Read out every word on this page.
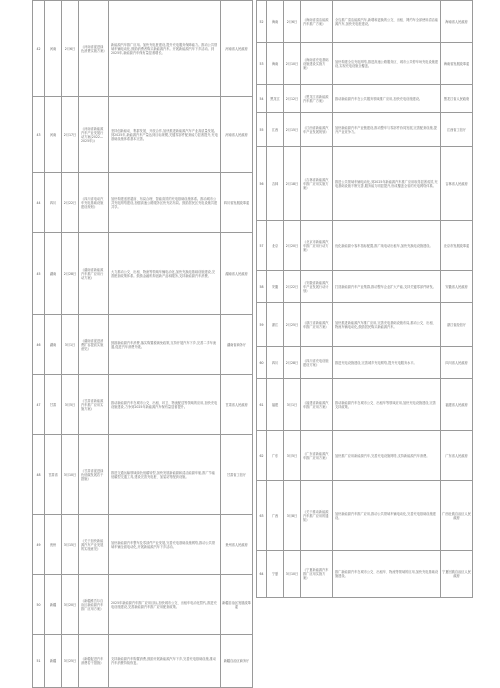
42	河南	2月6日	《河南省促进绿色消费实施方案》	新能源汽车推广应用。加快充电桩建设,提升充电服务保障能力。推动公共领域车辆电动化,鼓励消费者购买新能源汽车。开展新能源汽车下乡活动。到2025年,新能源汽车保有量显著增长。	河南省人民政府
43	河南	2月17日	《河南省新能源汽车产业发展行动方案(2022—2025年)》	坚持创新驱动、集群发展、开放合作,加快推进新能源汽车产业高质量发展。到2025年,新能源汽车产量达到目标规模,关键零部件配套能力显著提升,充电基础设施体系基本完善。	河南省人民政府
44	四川	2月22日	《四川省电动汽车充电基础设施建设规划》	加快构建适度超前、布局合理、智能高效的充电基础设施体系。推动城市公共充电网络建设,加强高速公路服务区快充站布局。鼓励居民区充电设施共建共享。	四川省发展改革委
45	湖南	2月28日	《湖南省新能源汽车推广应用行动方案》	大力推动公交、出租、物流等领域车辆电动化,加快充换电基础设施建设,完善配套政策体系。鼓励金融机构创新产品和服务,支持新能源汽车消费。	湖南省人民政府
46	湖南	3月1日	《湖南省促进消费扩容提质实施意见》	鼓励新能源汽车消费,落实购置税减免政策,支持开展汽车下乡,完善二手车流通,促进汽车消费升级。	湖南省商务厅
47	甘肃	3月5日	《甘肃省新能源汽车推广应用实施方案》	推动新能源汽车在城市公交、出租、环卫、物流配送等领域的应用,加快充电设施建设,力争到2025年新能源汽车保有量显著提升。	甘肃省人民政府
48	甘肃省	3月10日	《甘肃省促进绿色低碳发展若干措施》	推进交通运输领域绿色低碳转型,加快发展新能源和清洁能源车船,推广节能低碳型交通工具,建设完善充电桩、加氢站等配套设施。	甘肃省工信厅
49	贵州	3月15日	《关于加快新能源汽车产业发展的实施意见》	加快新能源汽车整车及零部件产业发展,完善充电基础设施网络,推动公共领域车辆全面电动化,开展新能源汽车下乡活动。	贵州省人民政府
50	新疆	3月20日	《新疆维吾尔自治区新能源汽车推广应用方案》	2025年新能源汽车推广应用目标,加快城市公交、出租车电动化替代,推进充电设施建设,完善新能源汽车推广应用配套政策。	新疆自治区发展改革委
51	新疆	3月25日	《新疆促进汽车消费若干措施》	支持新能源汽车购置消费,鼓励开展新能源汽车下乡,完善充电基础设施,推动汽车消费持续恢复。	新疆自治区商务厅
52	海南	2月6日	《海南省清洁能源汽车推广方案》	全岛推广清洁能源汽车,新增和更换的公交、出租、网约车全部使用清洁能源汽车,加快充电桩建设。	海南省人民政府
53	海南	2月10日	《海南省充电基础设施建设实施方案》	加快构建全岛充电网络,推进高速公路服务区、城市公共停车场充电设施建设,实现充电设施全覆盖。	海南省发展改革委
54	黑龙江	2月12日	《黑龙江省新能源汽车推广方案》	推动新能源汽车在公共服务领域推广应用,加快充电设施建设。	黑龙江省人民政府
55	江西	2月15日	《江西省新能源汽车产业发展规划》	加快新能源汽车产业链建设,推动整车与零部件协同发展,完善配套设施,提升产业竞争力。	江西省工信厅
56	吉林	2月18日	《吉林省新能源汽车推广应用实施方案》	推进公共领域车辆电动化,到2025年新能源汽车推广应用取得显著成效,充电基础设施不断完善,服务能力明显提升,形成覆盖全省的充电网络体系。	吉林省人民政府
57	北京	2月20日	《北京市新能源汽车推广应用行动方案》	优化新能源小客车指标配置,推广纯电动出租车,加快充换电设施建设。	北京市发展改革委
58	安徽	2月22日	《安徽省新能源汽车产业发展行动计划》	打造新能源汽车产业集群,推动整车企业扩大产能,支持关键零部件研发。	安徽省人民政府
59	浙江	2月25日	《浙江省新能源汽车推广应用方案》	加快推进新能源汽车推广应用,完善充电基础设施布局,推动公交、出租、物流车辆电动化,鼓励居民购买新能源汽车。	浙江省经信厅
60	四川	2月28日	《四川省充电设施建设方案》	推进充电设施建设,完善城乡充电网络,提升充电服务水平。	四川省人民政府
61	福建	3月1日	《福建省新能源汽车推广应用方案》	推动新能源汽车在城市公交、出租车等领域应用,加快充电设施建设,完善支持政策。	福建省人民政府
62	广东	3月5日	《广东省新能源汽车推广应用方案》	加快推广应用新能源汽车,完善充电设施网络,支持新能源汽车消费。	广东省人民政府
63	广西	3月8日	《关于推动新能源汽车推广应用的通知》	加快新能源汽车推广应用,推动公共领域车辆电动化,完善充电基础设施建设。	广西壮族自治区人民政府
64	宁夏	3月10日	《宁夏新能源汽车推广应用实施方案》	推广新能源汽车在城市公交、出租车、物流等领域的应用,加快充电基础设施建设。	宁夏回族自治区人民政府
